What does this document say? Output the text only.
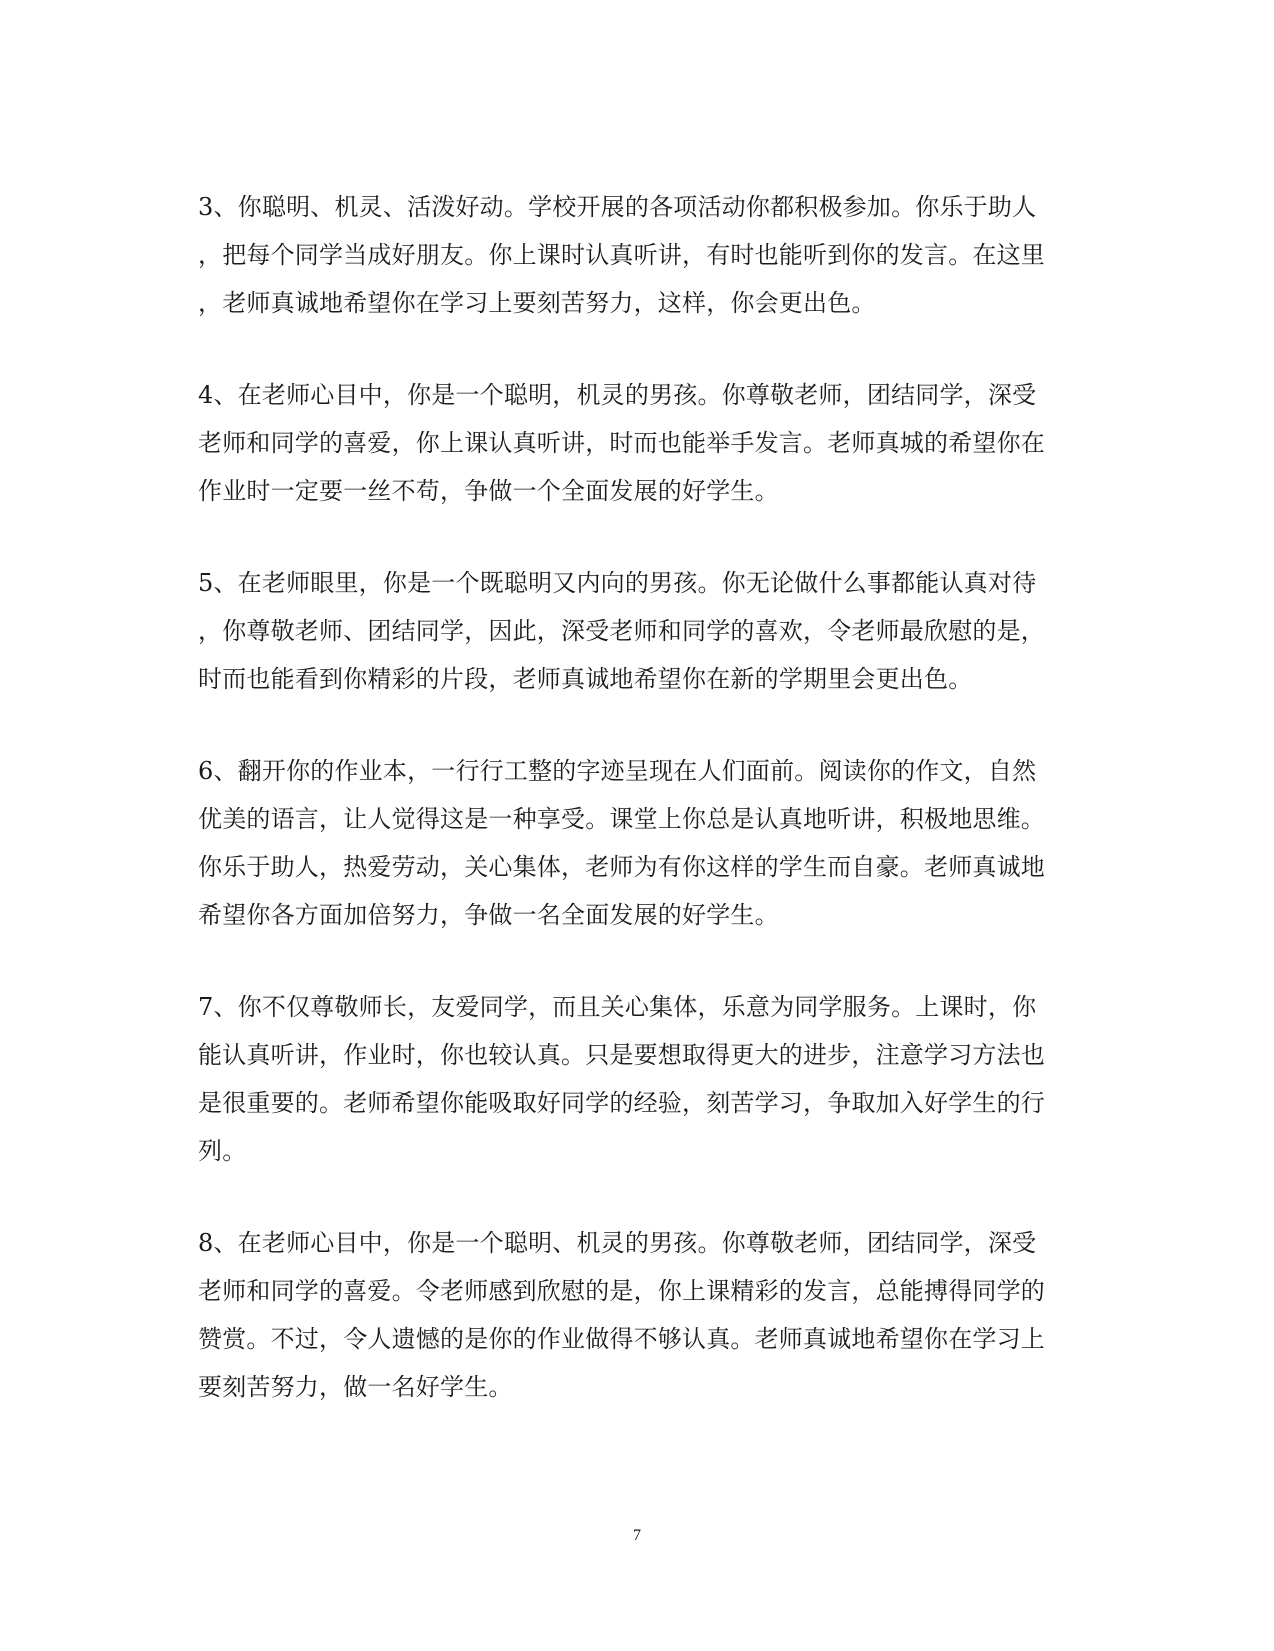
3、你聪明、机灵、活泼好动。学校开展的各项活动你都积极参加。你乐于助人
，把每个同学当成好朋友。你上课时认真听讲，有时也能听到你的发言。在这里
，老师真诚地希望你在学习上要刻苦努力，这样，你会更出色。
4、在老师心目中，你是一个聪明，机灵的男孩。你尊敬老师，团结同学，深受
老师和同学的喜爱，你上课认真听讲，时而也能举手发言。老师真城的希望你在
作业时一定要一丝不苟，争做一个全面发展的好学生。
5、在老师眼里，你是一个既聪明又内向的男孩。你无论做什么事都能认真对待
，你尊敬老师、团结同学，因此，深受老师和同学的喜欢，令老师最欣慰的是，
时而也能看到你精彩的片段，老师真诚地希望你在新的学期里会更出色。
6、翻开你的作业本，一行行工整的字迹呈现在人们面前。阅读你的作文，自然
优美的语言，让人觉得这是一种享受。课堂上你总是认真地听讲，积极地思维。
你乐于助人，热爱劳动，关心集体，老师为有你这样的学生而自豪。老师真诚地
希望你各方面加倍努力，争做一名全面发展的好学生。
7、你不仅尊敬师长，友爱同学，而且关心集体，乐意为同学服务。上课时，你
能认真听讲，作业时，你也较认真。只是要想取得更大的进步，注意学习方法也
是很重要的。老师希望你能吸取好同学的经验，刻苦学习，争取加入好学生的行
列。
8、在老师心目中，你是一个聪明、机灵的男孩。你尊敬老师，团结同学，深受
老师和同学的喜爱。令老师感到欣慰的是，你上课精彩的发言，总能搏得同学的
赞赏。不过，令人遗憾的是你的作业做得不够认真。老师真诚地希望你在学习上
要刻苦努力，做一名好学生。
7
